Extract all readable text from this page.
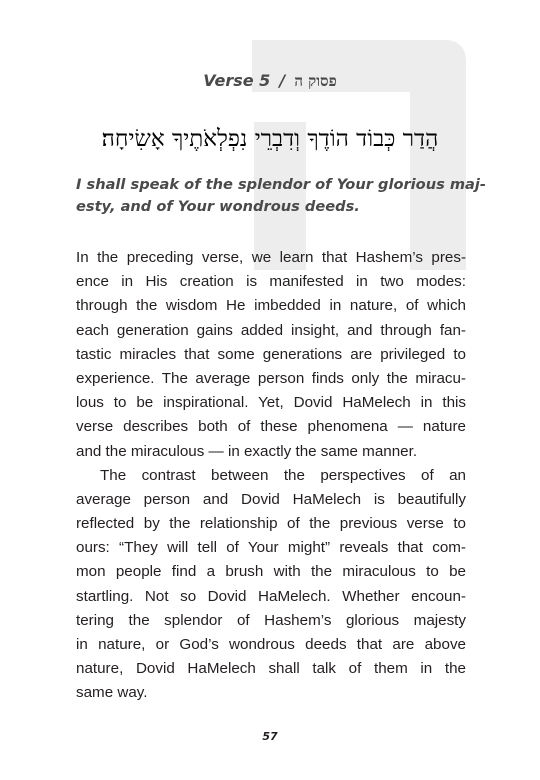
Verse 5 / פסוק ה
הֲדַר כְּבוֹד הוֹדֶךָ וְדִבְרֵי נִפְלְאֹתֶיךָ אָשִׂיחָה׃
I shall speak of the splendor of Your glorious maj-
esty, and of Your wondrous deeds.
In the preceding verse, we learn that Hashem’s pres-
ence in His creation is manifested in two modes:
through the wisdom He imbedded in nature, of which
each generation gains added insight, and through fan-
tastic miracles that some generations are privileged to
experience. The average person finds only the miracu-
lous to be inspirational. Yet, Dovid HaMelech in this
verse describes both of these phenomena — nature
and the miraculous — in exactly the same manner.
The contrast between the perspectives of an
average person and Dovid HaMelech is beautifully
reflected by the relationship of the previous verse to
ours: “They will tell of Your might” reveals that com-
mon people find a brush with the miraculous to be
startling. Not so Dovid HaMelech. Whether encoun-
tering the splendor of Hashem’s glorious majesty
in nature, or God’s wondrous deeds that are above
nature, Dovid HaMelech shall talk of them in the
same way.
57
